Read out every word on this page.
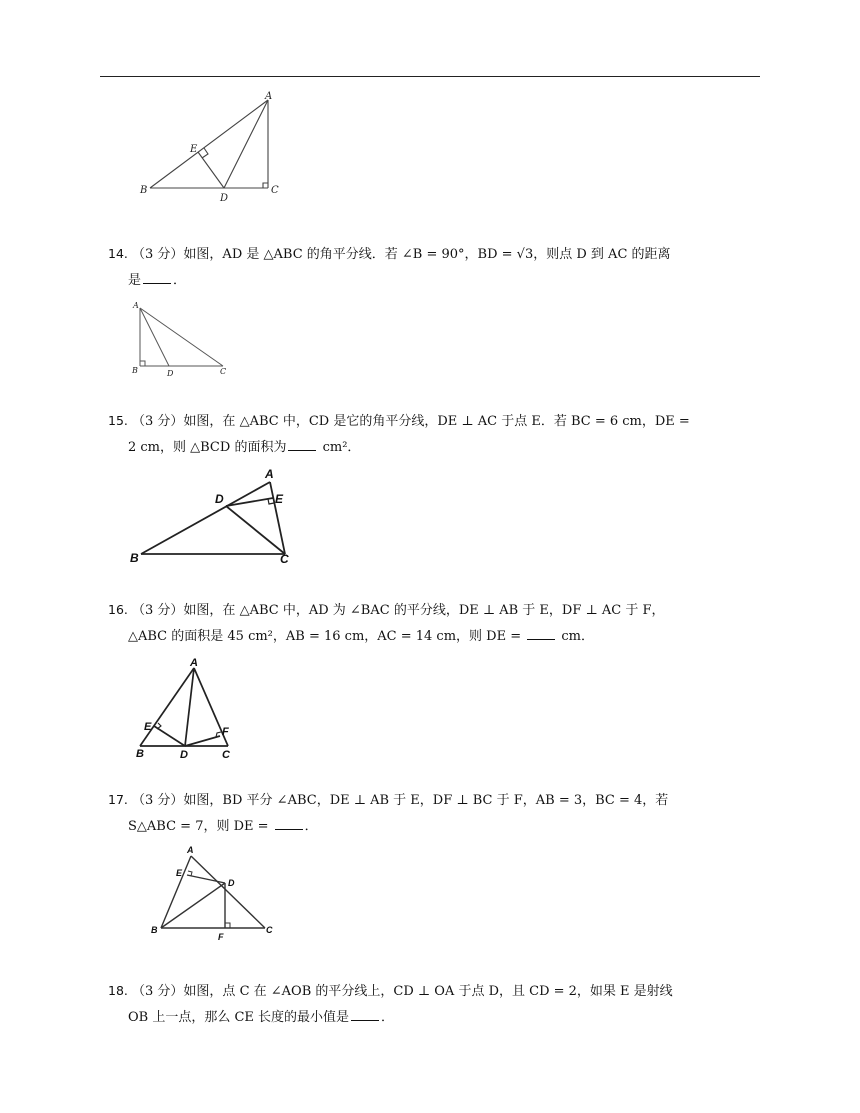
A
E
B
D
C
14. （3 分）如图，AD 是 △ABC 的角平分线．若 ∠B = 90°，BD = √3，则点 D 到 AC 的距离
是 ．
A
B	D	C
15. （3 分）如图，在 △ABC 中，CD 是它的角平分线，DE ⊥ AC 于点 E．若 BC = 6 cm，DE =
2 cm，则 △BCD 的面积为 cm²．
A
D	E
B	C
16. （3 分）如图，在 △ABC 中，AD 为 ∠BAC 的平分线，DE ⊥ AB 于 E，DF ⊥ AC 于 F，
△ABC 的面积是 45 cm²，AB = 16 cm，AC = 14 cm，则 DE =  cm．
A
E	F
B	D	C
17. （3 分）如图，BD 平分 ∠ABC，DE ⊥ AB 于 E，DF ⊥ BC 于 F，AB = 3，BC = 4，若
S△ABC = 7，则 DE = ．
A
E
D
B
F
C
18. （3 分）如图，点 C 在 ∠AOB 的平分线上，CD ⊥ OA 于点 D，且 CD = 2，如果 E 是射线
OB 上一点，那么 CE 长度的最小值是 ．
